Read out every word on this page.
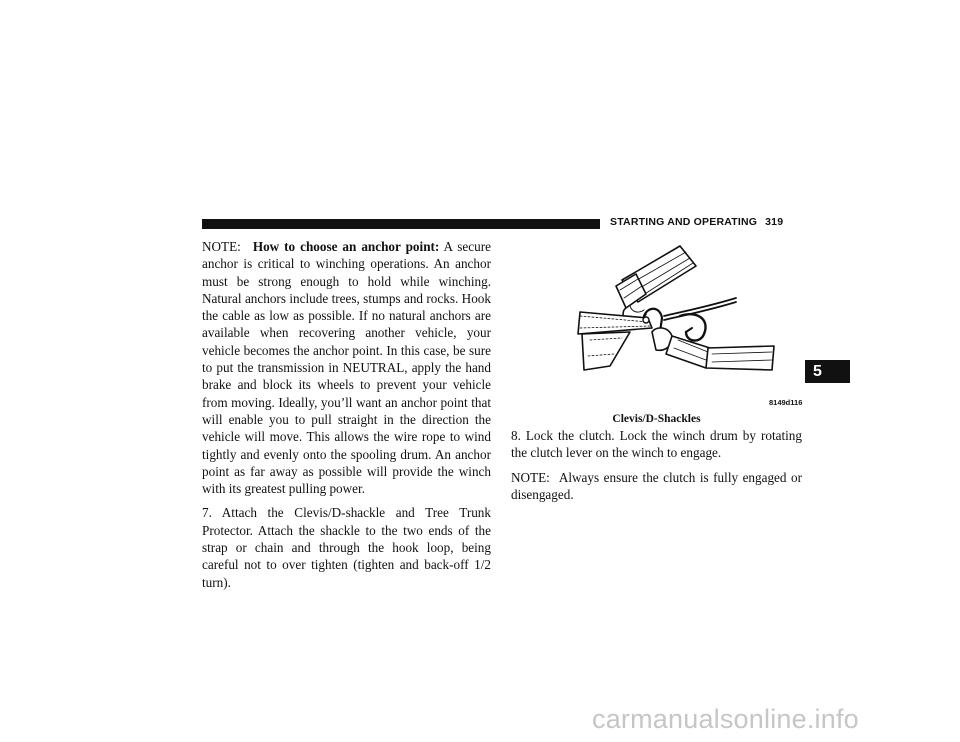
STARTING AND OPERATING 319

NOTE: How to choose an anchor point: A secure anchor is critical to winching operations. An anchor must be strong enough to hold while winching. Natural anchors include trees, stumps and rocks. Hook the cable as low as possible. If no natural anchors are available when recovering another vehicle, your vehicle becomes the anchor point. In this case, be sure to put the transmission in NEUTRAL, apply the hand brake and block its wheels to prevent your vehicle from moving. Ideally, you’ll want an anchor point that will enable you to pull straight in the direction the vehicle will move. This allows the wire rope to wind tightly and evenly onto the spooling drum. An anchor point as far away as possible will provide the winch with its greatest pulling power.

7. Attach the Clevis/D-shackle and Tree Trunk Protector. Attach the shackle to the two ends of the strap or chain and through the hook loop, being careful not to over tighten (tighten and back-off 1/2 turn).

8149d116
Clevis/D-Shackles

8. Lock the clutch. Lock the winch drum by rotating the clutch lever on the winch to engage.

NOTE: Always ensure the clutch is fully engaged or disengaged.

5
carmanualsonline.info
